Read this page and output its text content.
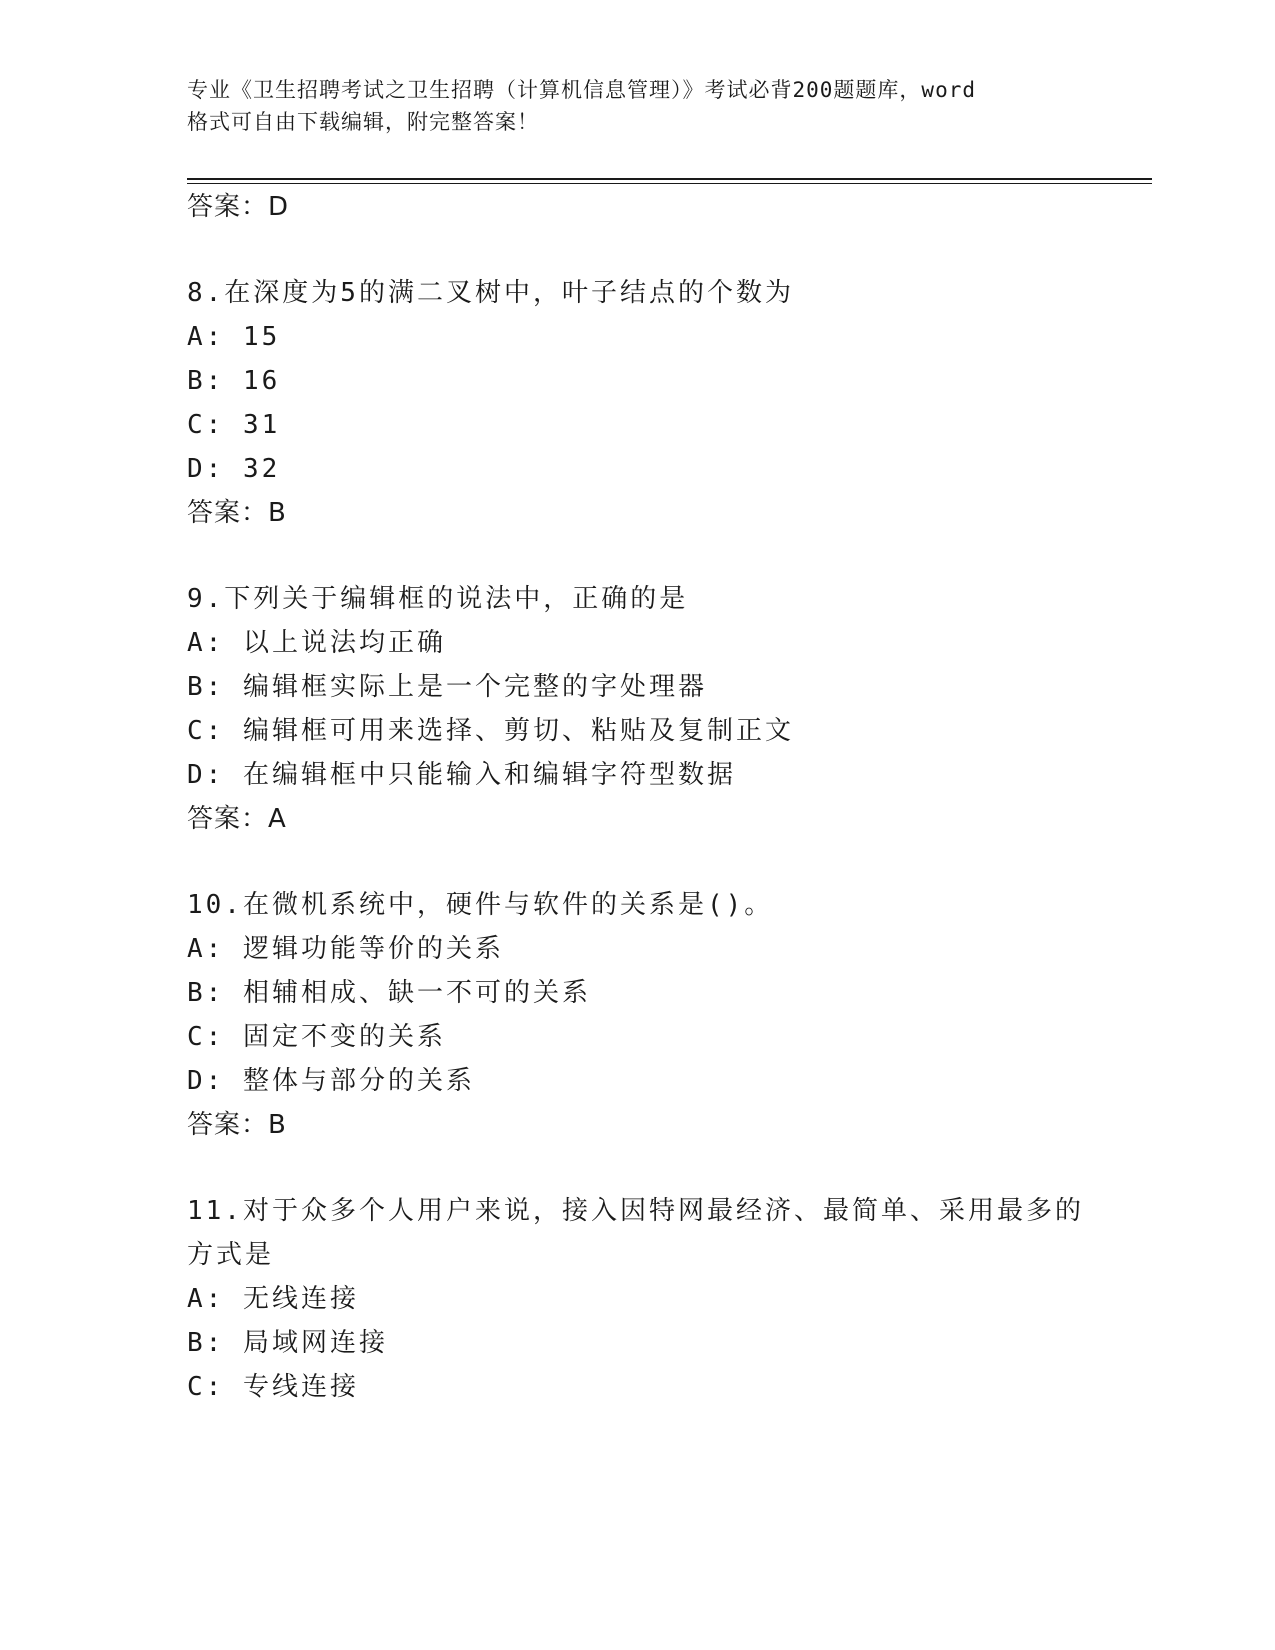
专业《卫生招聘考试之卫生招聘（计算机信息管理）》考试必背200题题库，word
格式可自由下载编辑，附完整答案！
答案：D
8.在深度为5的满二叉树中，叶子结点的个数为
A: 15
B: 16
C: 31
D: 32
答案：B
9.下列关于编辑框的说法中，正确的是
A: 以上说法均正确
B: 编辑框实际上是一个完整的字处理器
C: 编辑框可用来选择、剪切、粘贴及复制正文
D: 在编辑框中只能输入和编辑字符型数据
答案：A
10.在微机系统中，硬件与软件的关系是()。
A: 逻辑功能等价的关系
B: 相辅相成、缺一不可的关系
C: 固定不变的关系
D: 整体与部分的关系
答案：B
11.对于众多个人用户来说，接入因特网最经济、最简单、采用最多的
方式是
A: 无线连接
B: 局域网连接
C: 专线连接
